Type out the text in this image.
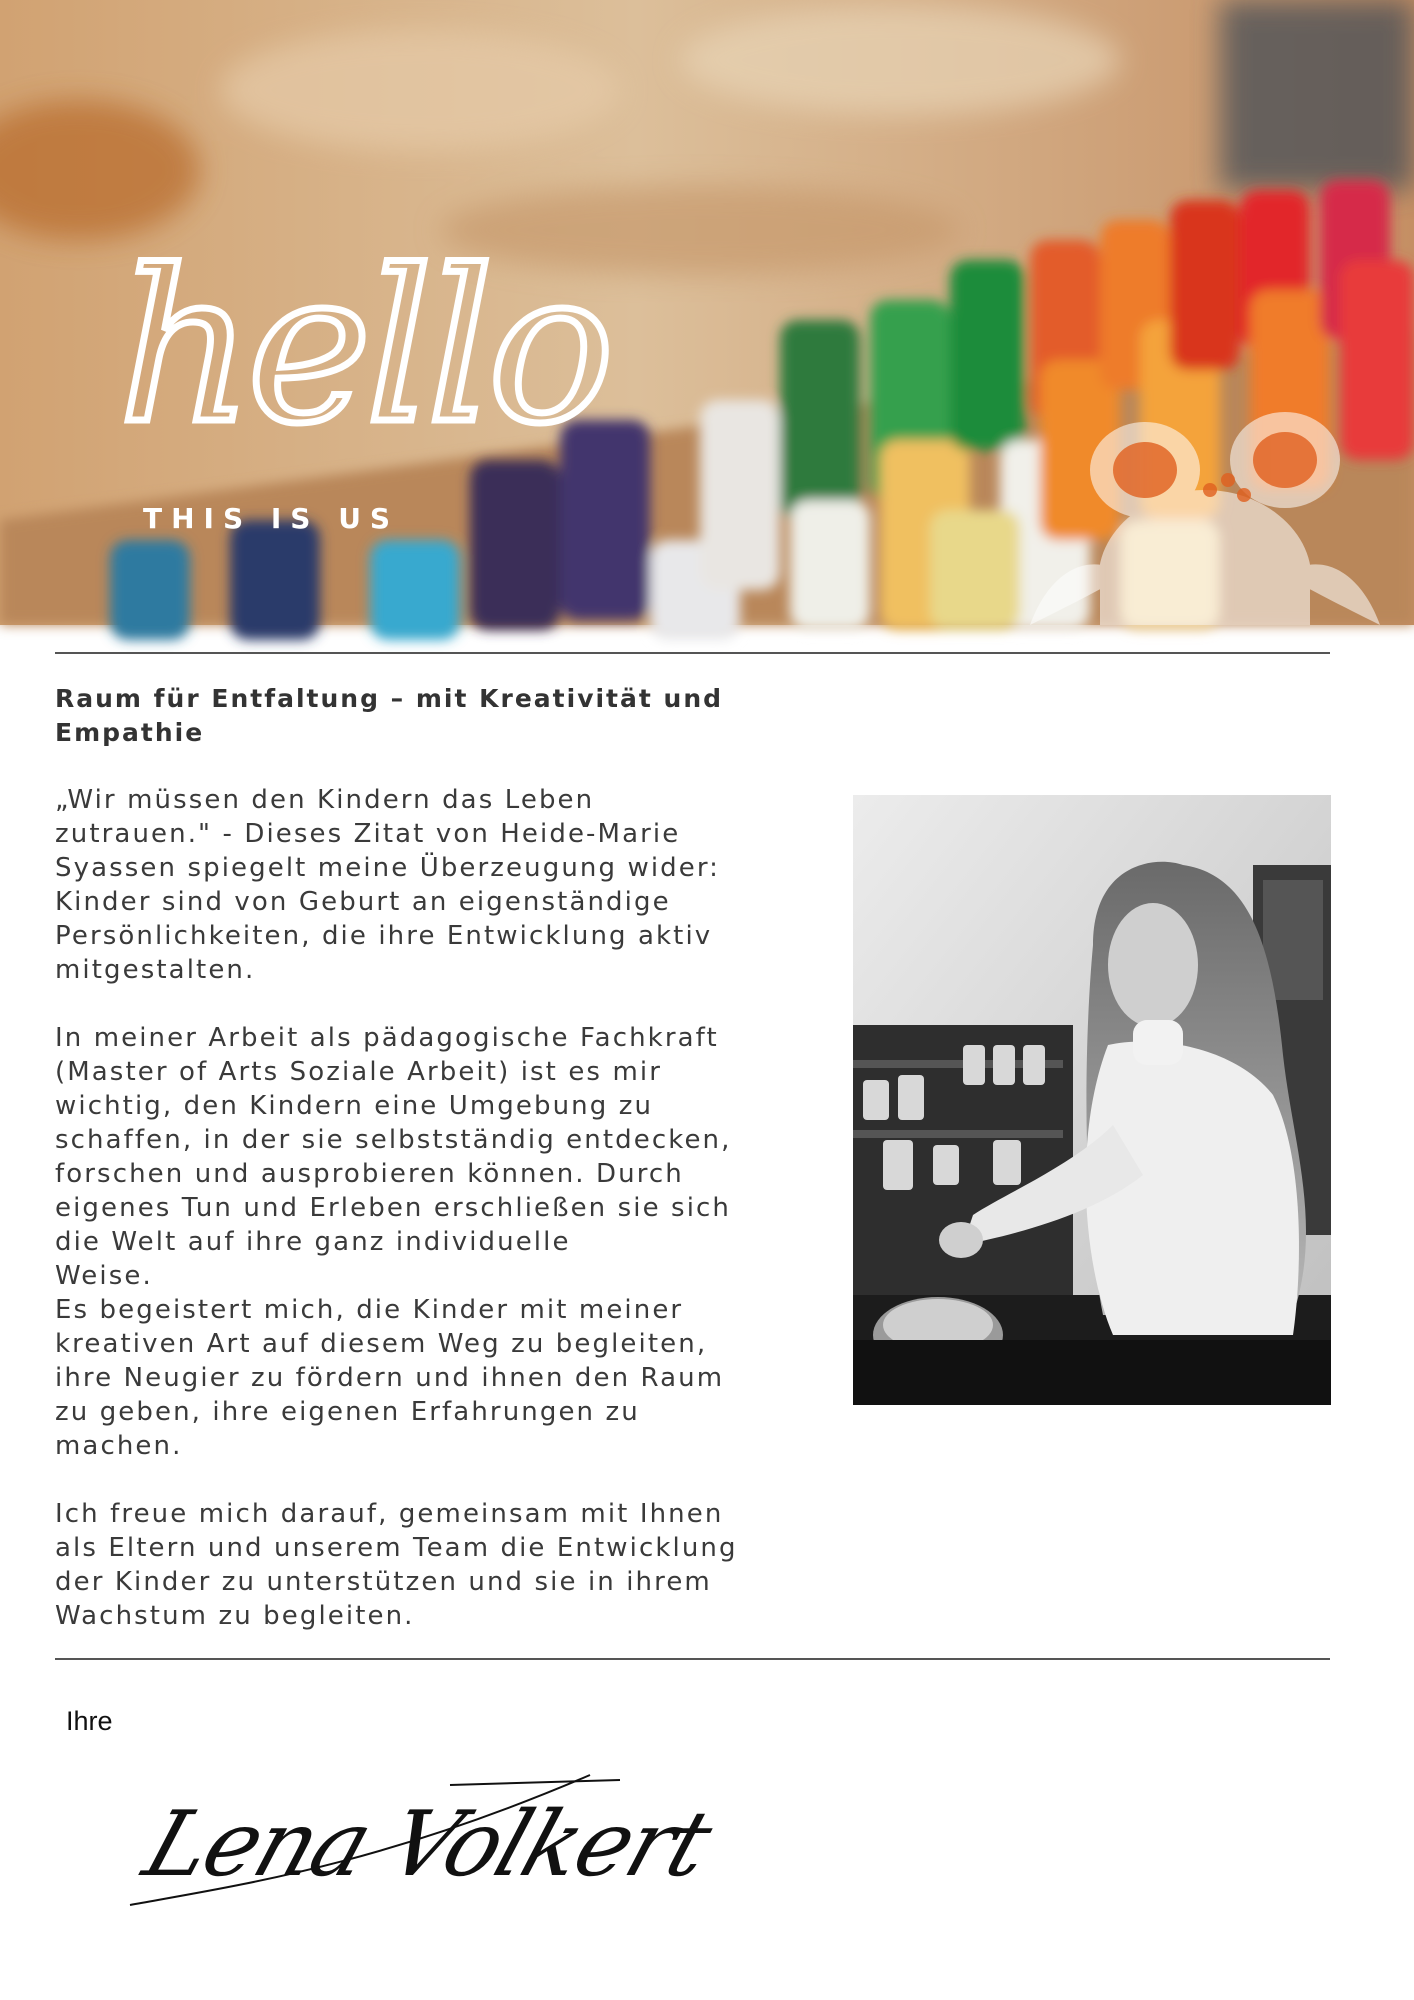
hello

THIS IS US

Raum für Entfaltung – mit Kreativität und Empathie

„Wir müssen den Kindern das Leben
zutrauen." - Dieses Zitat von Heide-Marie
Syassen spiegelt meine Überzeugung wider:
Kinder sind von Geburt an eigenständige
Persönlichkeiten, die ihre Entwicklung aktiv
mitgestalten.

In meiner Arbeit als pädagogische Fachkraft
(Master of Arts Soziale Arbeit) ist es mir
wichtig, den Kindern eine Umgebung zu
schaffen, in der sie selbstständig entdecken,
forschen und ausprobieren können. Durch
eigenes Tun und Erleben erschließen sie sich
die Welt auf ihre ganz individuelle
Weise.

Es begeistert mich, die Kinder mit meiner
kreativen Art auf diesem Weg zu begleiten,
ihre Neugier zu fördern und ihnen den Raum
zu geben, ihre eigenen Erfahrungen zu
machen.

Ich freue mich darauf, gemeinsam mit Ihnen
als Eltern und unserem Team die Entwicklung
der Kinder zu unterstützen und sie in ihrem
Wachstum zu begleiten.

Ihre

Lena Volkert
